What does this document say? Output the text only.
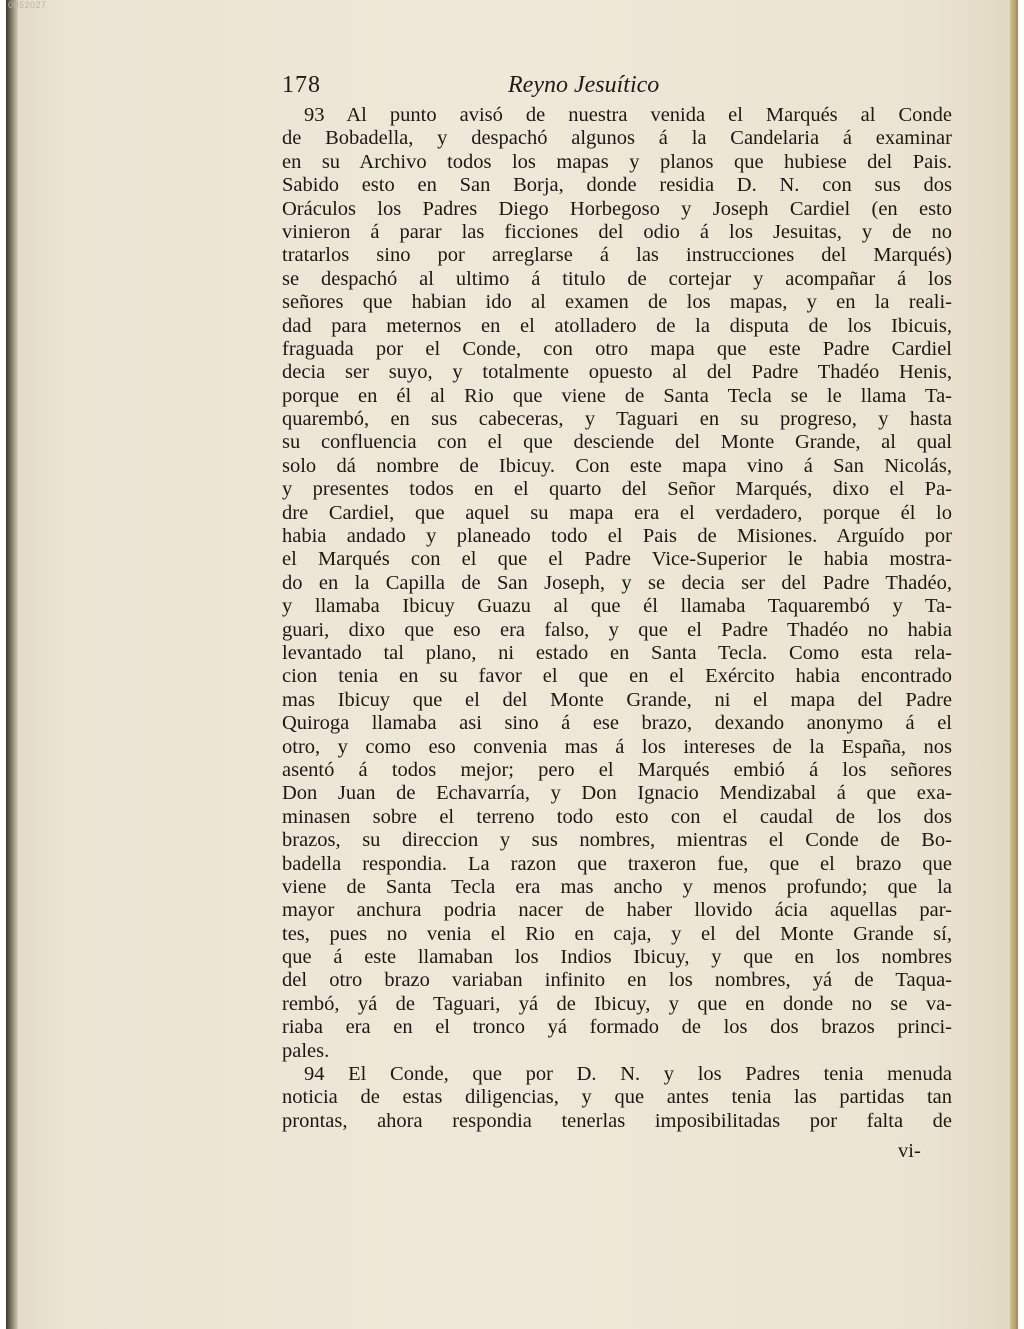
0052027
178	Reyno Jesuítico
93 Al punto avisó de nuestra venida el Marqués al Conde
de Bobadella, y despachó algunos á la Candelaria á examinar
en su Archivo todos los mapas y planos que hubiese del Pais.
Sabido esto en San Borja, donde residia D. N. con sus dos
Oráculos los Padres Diego Horbegoso y Joseph Cardiel (en esto
vinieron á parar las ficciones del odio á los Jesuitas, y de no
tratarlos sino por arreglarse á las instrucciones del Marqués)
se despachó al ultimo á titulo de cortejar y acompañar á los
señores que habian ido al examen de los mapas, y en la reali-
dad para meternos en el atolladero de la disputa de los Ibicuis,
fraguada por el Conde, con otro mapa que este Padre Cardiel
decia ser suyo, y totalmente opuesto al del Padre Thadéo Henis,
porque en él al Rio que viene de Santa Tecla se le llama Ta-
quarembó, en sus cabeceras, y Taguari en su progreso, y hasta
su confluencia con el que desciende del Monte Grande, al qual
solo dá nombre de Ibicuy. Con este mapa vino á San Nicolás,
y presentes todos en el quarto del Señor Marqués, dixo el Pa-
dre Cardiel, que aquel su mapa era el verdadero, porque él lo
habia andado y planeado todo el Pais de Misiones. Arguído por
el Marqués con el que el Padre Vice-Superior le habia mostra-
do en la Capilla de San Joseph, y se decia ser del Padre Thadéo,
y llamaba Ibicuy Guazu al que él llamaba Taquarembó y Ta-
guari, dixo que eso era falso, y que el Padre Thadéo no habia
levantado tal plano, ni estado en Santa Tecla. Como esta rela-
cion tenia en su favor el que en el Exército habia encontrado
mas Ibicuy que el del Monte Grande, ni el mapa del Padre
Quiroga llamaba asi sino á ese brazo, dexando anonymo á el
otro, y como eso convenia mas á los intereses de la España, nos
asentó á todos mejor; pero el Marqués embió á los señores
Don Juan de Echavarría, y Don Ignacio Mendizabal á que exa-
minasen sobre el terreno todo esto con el caudal de los dos
brazos, su direccion y sus nombres, mientras el Conde de Bo-
badella respondia. La razon que traxeron fue, que el brazo que
viene de Santa Tecla era mas ancho y menos profundo; que la
mayor anchura podria nacer de haber llovido ácia aquellas par-
tes, pues no venia el Rio en caja, y el del Monte Grande sí,
que á este llamaban los Indios Ibicuy, y que en los nombres
del otro brazo variaban infinito en los nombres, yá de Taqua-
rembó, yá de Taguari, yá de Ibicuy, y que en donde no se va-
riaba era en el tronco yá formado de los dos brazos princi-
pales.
94 El Conde, que por D. N. y los Padres tenia menuda
noticia de estas diligencias, y que antes tenia las partidas tan
prontas, ahora respondia tenerlas imposibilitadas por falta de
vi-
